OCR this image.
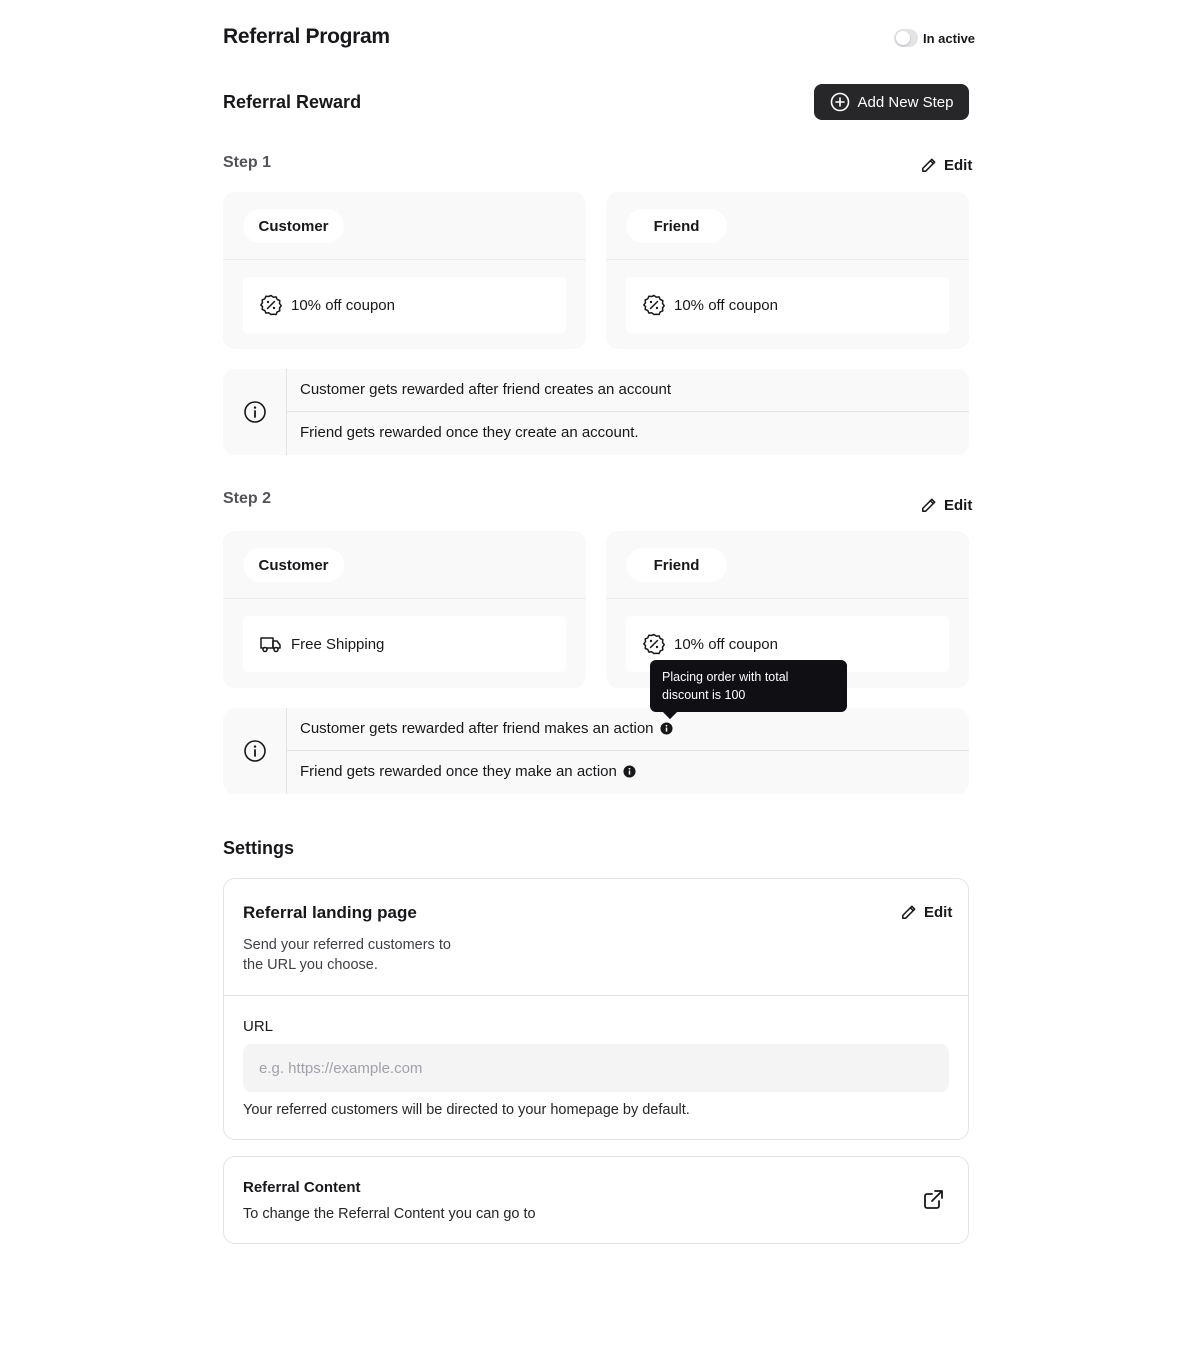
Referral Program	In active
Referral Reward	Add New Step
Step 1	Edit
Customer
10% off coupon
Friend
10% off coupon
Customer gets rewarded after friend creates an account
Friend gets rewarded once they create an account.
Step 2	Edit
Customer
Free Shipping
Friend
10% off coupon
Customer gets rewarded after friend makes an action
Friend gets rewarded once they make an action
Placing order with total discount is 100
Settings
Referral landing page	Edit
Send your referred customers to
the URL you choose.
URL
e.g. https://example.com
Your referred customers will be directed to your homepage by default.
Referral Content
To change the Referral Content you can go to
